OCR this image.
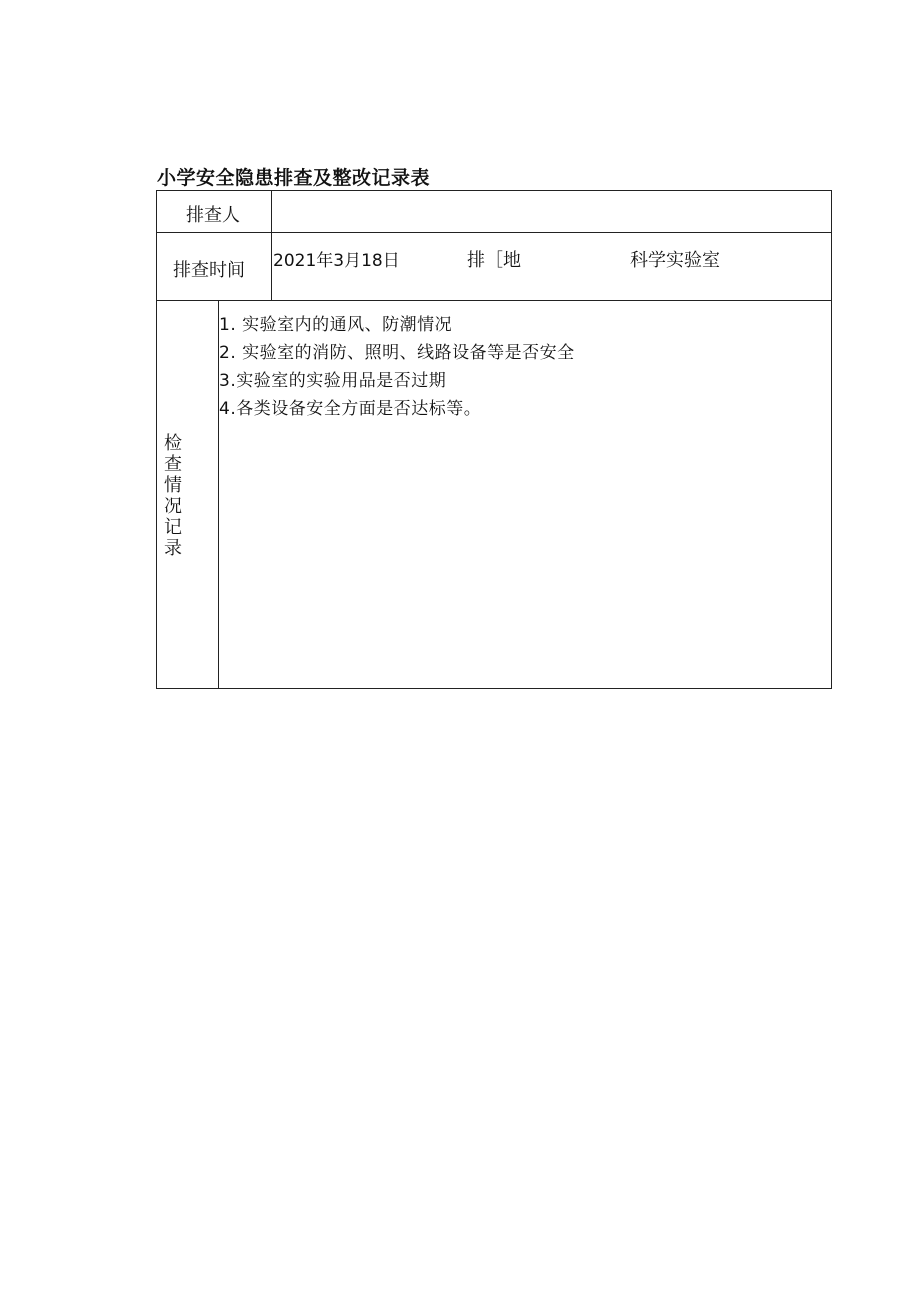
小学安全隐患排查及整改记录表
排查人
排查时间 2021年3月18日	排［地	科学实验室
检
查
情
况
记
录
1. 实验室内的通风、防潮情况
2. 实验室的消防、照明、线路设备等是否安全
3.实验室的实验用品是否过期
4.各类设备安全方面是否达标等。
